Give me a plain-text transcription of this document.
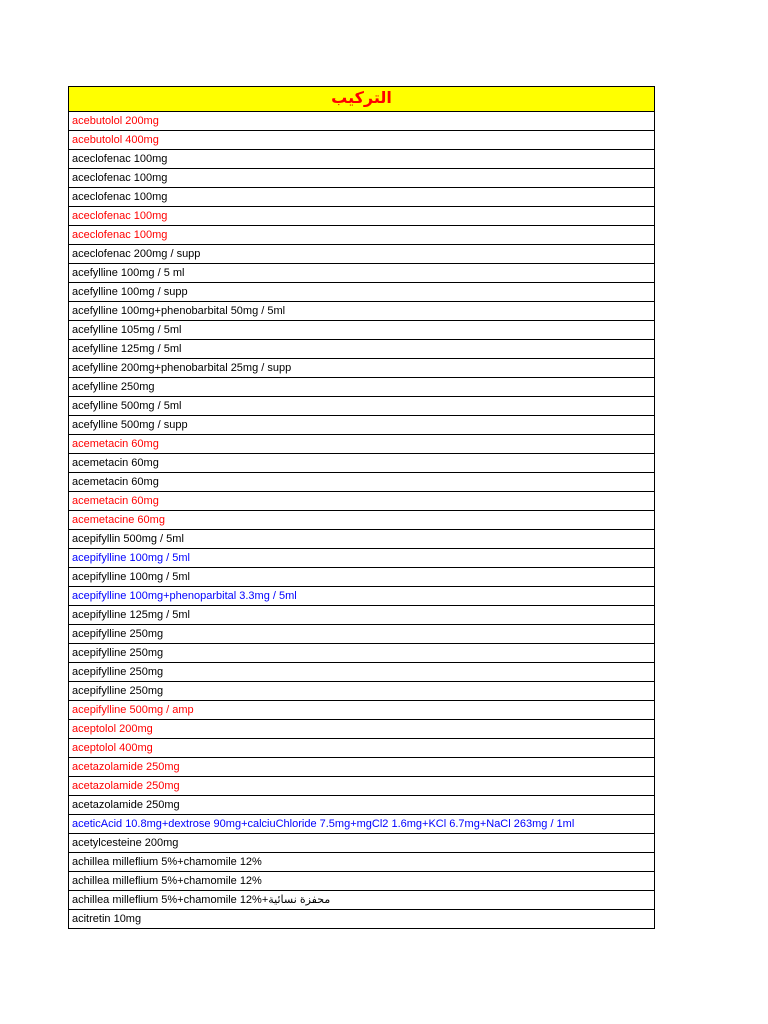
التركيب
acebutolol 200mg
acebutolol 400mg
aceclofenac 100mg
aceclofenac 100mg
aceclofenac 100mg
aceclofenac 100mg
aceclofenac 100mg
aceclofenac 200mg / supp
acefylline 100mg / 5 ml
acefylline 100mg / supp
acefylline 100mg+phenobarbital 50mg / 5ml
acefylline 105mg / 5ml
acefylline 125mg / 5ml
acefylline 200mg+phenobarbital 25mg / supp
acefylline 250mg
acefylline 500mg / 5ml
acefylline 500mg / supp
acemetacin 60mg
acemetacin 60mg
acemetacin 60mg
acemetacin 60mg
acemetacine 60mg
acepifyllin 500mg / 5ml
acepifylline 100mg / 5ml
acepifylline 100mg / 5ml
acepifylline 100mg+phenoparbital 3.3mg / 5ml
acepifylline 125mg / 5ml
acepifylline 250mg
acepifylline 250mg
acepifylline 250mg
acepifylline 250mg
acepifylline 500mg / amp
aceptolol 200mg
aceptolol 400mg
acetazolamide 250mg
acetazolamide 250mg
acetazolamide 250mg
aceticAcid 10.8mg+dextrose 90mg+calciuChloride 7.5mg+mgCl2 1.6mg+KCl 6.7mg+NaCl 263mg / 1ml
acetylcesteine 200mg
achillea milleflium 5%+chamomile 12%
achillea milleflium 5%+chamomile 12%
achillea milleflium 5%+chamomile 12%+محفزة نسائية
acitretin 10mg
